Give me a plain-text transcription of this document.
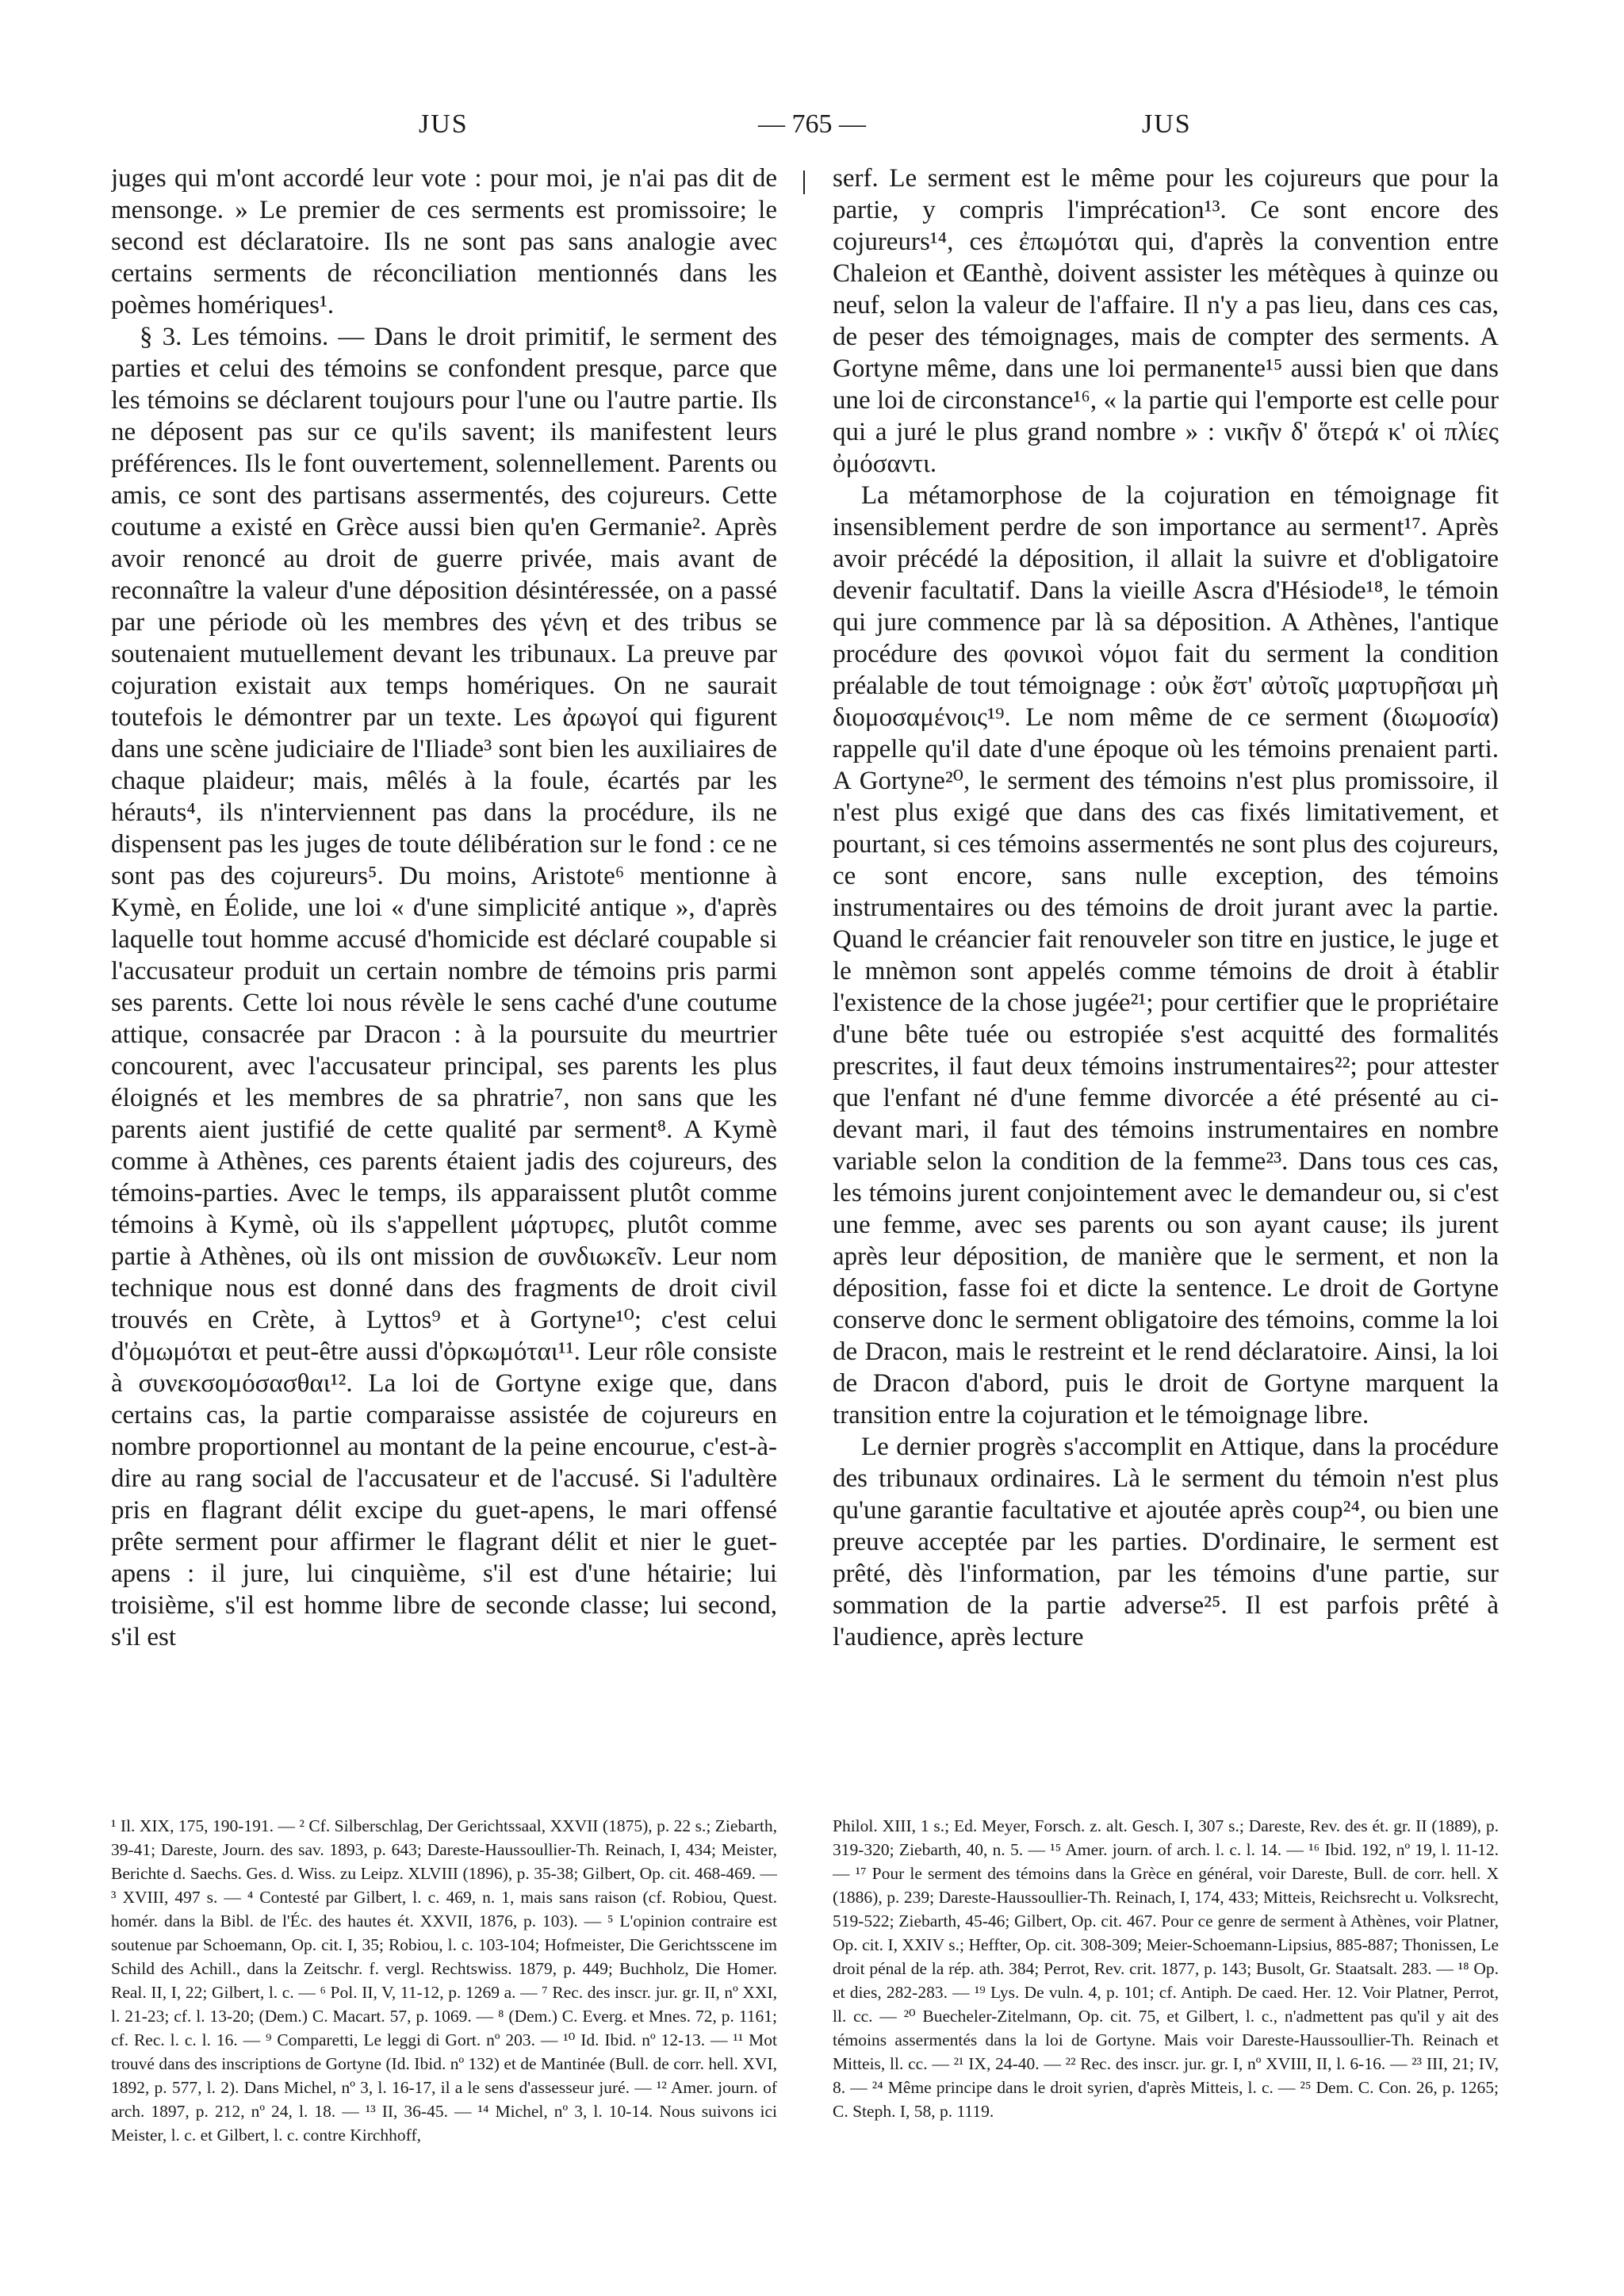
JUS	— 765 —	JUS

juges qui m'ont accordé leur vote : pour moi, je n'ai pas dit de mensonge. » Le premier de ces serments est promissoire; le second est déclaratoire. Ils ne sont pas sans analogie avec certains serments de réconciliation mentionnés dans les poèmes homériques¹.

§ 3. Les témoins. — Dans le droit primitif, le serment des parties et celui des témoins se confondent presque, parce que les témoins se déclarent toujours pour l'une ou l'autre partie. Ils ne déposent pas sur ce qu'ils savent; ils manifestent leurs préférences. Ils le font ouvertement, solennellement. Parents ou amis, ce sont des partisans assermentés, des cojureurs. Cette coutume a existé en Grèce aussi bien qu'en Germanie². Après avoir renoncé au droit de guerre privée, mais avant de reconnaître la valeur d'une déposition désintéressée, on a passé par une période où les membres des γένη et des tribus se soutenaient mutuellement devant les tribunaux. La preuve par cojuration existait aux temps homériques. On ne saurait toutefois le démontrer par un texte. Les ἀρωγοί qui figurent dans une scène judiciaire de l'Iliade³ sont bien les auxiliaires de chaque plaideur; mais, mêlés à la foule, écartés par les hérauts⁴, ils n'interviennent pas dans la procédure, ils ne dispensent pas les juges de toute délibération sur le fond : ce ne sont pas des cojureurs⁵. Du moins, Aristote⁶ mentionne à Kymè, en Éolide, une loi « d'une simplicité antique », d'après laquelle tout homme accusé d'homicide est déclaré coupable si l'accusateur produit un certain nombre de témoins pris parmi ses parents. Cette loi nous révèle le sens caché d'une coutume attique, consacrée par Dracon : à la poursuite du meurtrier concourent, avec l'accusateur principal, ses parents les plus éloignés et les membres de sa phratrie⁷, non sans que les parents aient justifié de cette qualité par serment⁸. A Kymè comme à Athènes, ces parents étaient jadis des cojureurs, des témoins-parties. Avec le temps, ils apparaissent plutôt comme témoins à Kymè, où ils s'appellent μάρτυρες, plutôt comme partie à Athènes, où ils ont mission de συνδιωκεῖν. Leur nom technique nous est donné dans des fragments de droit civil trouvés en Crète, à Lyttos⁹ et à Gortyne¹⁰; c'est celui d'ὀμωμόται et peut-être aussi d'ὀρκωμόται¹¹. Leur rôle consiste à συνεκσομόσασθαι¹². La loi de Gortyne exige que, dans certains cas, la partie comparaisse assistée de cojureurs en nombre proportionnel au montant de la peine encourue, c'est-à-dire au rang social de l'accusateur et de l'accusé. Si l'adultère pris en flagrant délit excipe du guet-apens, le mari offensé prête serment pour affirmer le flagrant délit et nier le guet-apens : il jure, lui cinquième, s'il est d'une hétairie; lui troisième, s'il est homme libre de seconde classe; lui second, s'il est

serf. Le serment est le même pour les cojureurs que pour la partie, y compris l'imprécation¹³. Ce sont encore des cojureurs¹⁴, ces ἐπωμόται qui, d'après la convention entre Chaleion et Œanthè, doivent assister les métèques à quinze ou neuf, selon la valeur de l'affaire. Il n'y a pas lieu, dans ces cas, de peser des témoignages, mais de compter des serments. A Gortyne même, dans une loi permanente¹⁵ aussi bien que dans une loi de circonstance¹⁶, « la partie qui l'emporte est celle pour qui a juré le plus grand nombre » : νικῆν δ' ὅτερά κ' οἱ πλίες ὀμόσαντι.

La métamorphose de la cojuration en témoignage fit insensiblement perdre de son importance au serment¹⁷. Après avoir précédé la déposition, il allait la suivre et d'obligatoire devenir facultatif. Dans la vieille Ascra d'Hésiode¹⁸, le témoin qui jure commence par là sa déposition. A Athènes, l'antique procédure des φονικοὶ νόμοι fait du serment la condition préalable de tout témoignage : οὐκ ἔστ' αὐτοῖς μαρτυρῆσαι μὴ διομοσαμένοις¹⁹. Le nom même de ce serment (διωμοσία) rappelle qu'il date d'une époque où les témoins prenaient parti. A Gortyne²⁰, le serment des témoins n'est plus promissoire, il n'est plus exigé que dans des cas fixés limitativement, et pourtant, si ces témoins assermentés ne sont plus des cojureurs, ce sont encore, sans nulle exception, des témoins instrumentaires ou des témoins de droit jurant avec la partie. Quand le créancier fait renouveler son titre en justice, le juge et le mnèmon sont appelés comme témoins de droit à établir l'existence de la chose jugée²¹; pour certifier que le propriétaire d'une bête tuée ou estropiée s'est acquitté des formalités prescrites, il faut deux témoins instrumentaires²²; pour attester que l'enfant né d'une femme divorcée a été présenté au ci-devant mari, il faut des témoins instrumentaires en nombre variable selon la condition de la femme²³. Dans tous ces cas, les témoins jurent conjointement avec le demandeur ou, si c'est une femme, avec ses parents ou son ayant cause; ils jurent après leur déposition, de manière que le serment, et non la déposition, fasse foi et dicte la sentence. Le droit de Gortyne conserve donc le serment obligatoire des témoins, comme la loi de Dracon, mais le restreint et le rend déclaratoire. Ainsi, la loi de Dracon d'abord, puis le droit de Gortyne marquent la transition entre la cojuration et le témoignage libre.

Le dernier progrès s'accomplit en Attique, dans la procédure des tribunaux ordinaires. Là le serment du témoin n'est plus qu'une garantie facultative et ajoutée après coup²⁴, ou bien une preuve acceptée par les parties. D'ordinaire, le serment est prêté, dès l'information, par les témoins d'une partie, sur sommation de la partie adverse²⁵. Il est parfois prêté à l'audience, après lecture

¹ Il. XIX, 175, 190-191. — ² Cf. Silberschlag, Der Gerichtssaal, XXVII (1875), p. 22 s.; Ziebarth, 39-41; Dareste, Journ. des sav. 1893, p. 643; Dareste-Haussoullier-Th. Reinach, I, 434; Meister, Berichte d. Saechs. Ges. d. Wiss. zu Leipz. XLVIII (1896), p. 35-38; Gilbert, Op. cit. 468-469. — ³ XVIII, 497 s. — ⁴ Contesté par Gilbert, l. c. 469, n. 1, mais sans raison (cf. Robiou, Quest. homér. dans la Bibl. de l'Éc. des hautes ét. XXVII, 1876, p. 103). — ⁵ L'opinion contraire est soutenue par Schoemann, Op. cit. I, 35; Robiou, l. c. 103-104; Hofmeister, Die Gerichtsscene im Schild des Achill., dans la Zeitschr. f. vergl. Rechtswiss. 1879, p. 449; Buchholz, Die Homer. Real. II, I, 22; Gilbert, l. c. — ⁶ Pol. II, V, 11-12, p. 1269 a. — ⁷ Rec. des inscr. jur. gr. II, nº XXI, l. 21-23; cf. l. 13-20; (Dem.) C. Macart. 57, p. 1069. — ⁸ (Dem.) C. Everg. et Mnes. 72, p. 1161; cf. Rec. l. c. l. 16. — ⁹ Comparetti, Le leggi di Gort. nº 203. — ¹⁰ Id. Ibid. nº 12-13. — ¹¹ Mot trouvé dans des inscriptions de Gortyne (Id. Ibid. nº 132) et de Mantinée (Bull. de corr. hell. XVI, 1892, p. 577, l. 2). Dans Michel, nº 3, l. 16-17, il a le sens d'assesseur juré. — ¹² Amer. journ. of arch. 1897, p. 212, nº 24, l. 18. — ¹³ II, 36-45. — ¹⁴ Michel, nº 3, l. 10-14. Nous suivons ici Meister, l. c. et Gilbert, l. c. contre Kirchhoff,

Philol. XIII, 1 s.; Ed. Meyer, Forsch. z. alt. Gesch. I, 307 s.; Dareste, Rev. des ét. gr. II (1889), p. 319-320; Ziebarth, 40, n. 5. — ¹⁵ Amer. journ. of arch. l. c. l. 14. — ¹⁶ Ibid. 192, nº 19, l. 11-12. — ¹⁷ Pour le serment des témoins dans la Grèce en général, voir Dareste, Bull. de corr. hell. X (1886), p. 239; Dareste-Haussoullier-Th. Reinach, I, 174, 433; Mitteis, Reichsrecht u. Volksrecht, 519-522; Ziebarth, 45-46; Gilbert, Op. cit. 467. Pour ce genre de serment à Athènes, voir Platner, Op. cit. I, XXIV s.; Heffter, Op. cit. 308-309; Meier-Schoemann-Lipsius, 885-887; Thonissen, Le droit pénal de la rép. ath. 384; Perrot, Rev. crit. 1877, p. 143; Busolt, Gr. Staatsalt. 283. — ¹⁸ Op. et dies, 282-283. — ¹⁹ Lys. De vuln. 4, p. 101; cf. Antiph. De caed. Her. 12. Voir Platner, Perrot, ll. cc. — ²⁰ Buecheler-Zitelmann, Op. cit. 75, et Gilbert, l. c., n'admettent pas qu'il y ait des témoins assermentés dans la loi de Gortyne. Mais voir Dareste-Haussoullier-Th. Reinach et Mitteis, ll. cc. — ²¹ IX, 24-40. — ²² Rec. des inscr. jur. gr. I, nº XVIII, II, l. 6-16. — ²³ III, 21; IV, 8. — ²⁴ Même principe dans le droit syrien, d'après Mitteis, l. c. — ²⁵ Dem. C. Con. 26, p. 1265; C. Steph. I, 58, p. 1119.
